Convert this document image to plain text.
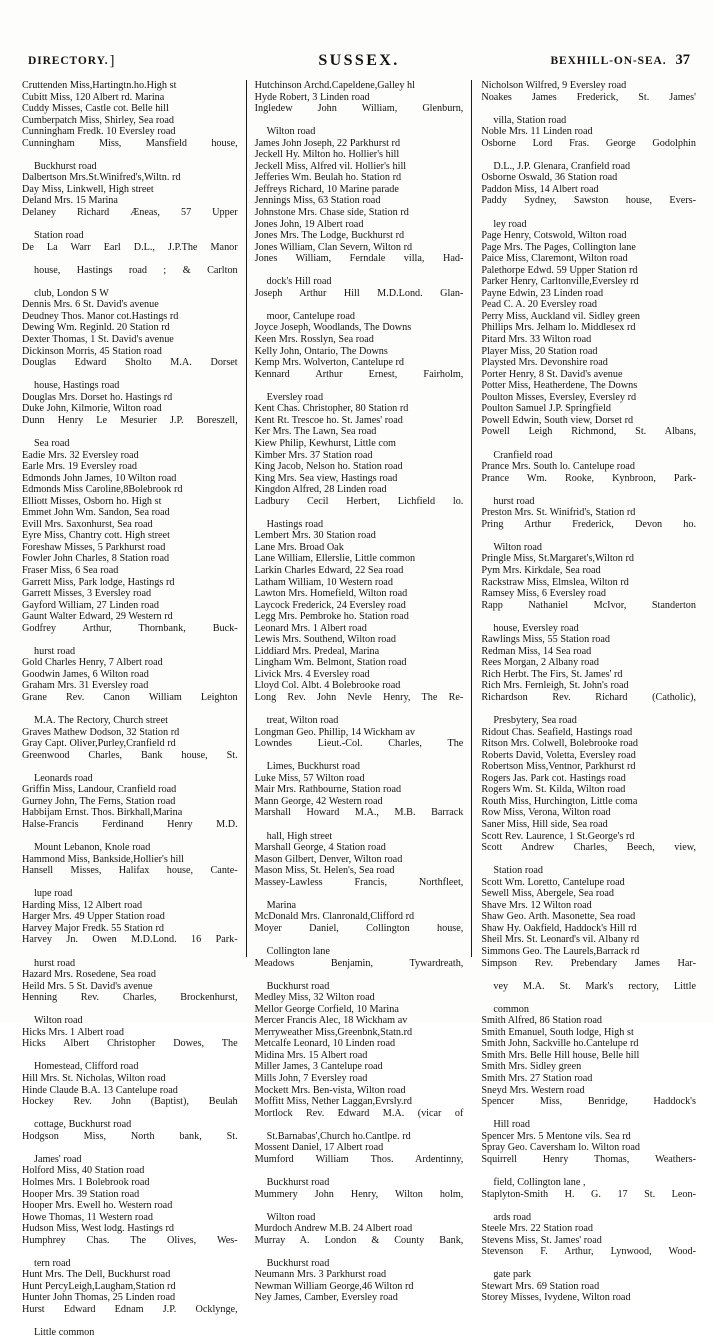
DIRECTORY.]	SUSSEX.	BEXHILL-ON-SEA. 37

Cruttenden Miss,Hartingtn.ho.High st

Cubitt Miss, 120 Albert rd. Marina

Cuddy Misses, Castle cot. Belle hill

Cumberpatch Miss, Shirley, Sea road

Cunningham Fredk. 10 Eversley road

Cunningham Miss, Mansfield house,
Buckhurst road

Dalbertson Mrs.St.Winifred's,Wiltn. rd

Day Miss, Linkwell, High street

Deland Mrs. 15 Marina

Delaney Richard Æneas, 57 Upper
Station road

De La Warr Earl D.L., J.P.The Manor
house, Hastings road ; & Carlton
club, London S W

Dennis Mrs. 6 St. David's avenue

Deudney Thos. Manor cot.Hastings rd

Dewing Wm. Reginld. 20 Station rd

Dexter Thomas, 1 St. David's avenue

Dickinson Morris, 45 Station road

Douglas Edward Sholto M.A. Dorset
house, Hastings road

Douglas Mrs. Dorset ho. Hastings rd

Duke John, Kilmorie, Wilton road

Dunn Henry Le Mesurier J.P. Boreszell,
Sea road

Eadie Mrs. 32 Eversley road

Earle Mrs. 19 Eversley road

Edmonds John James, 10 Wilton road

Edmonds Miss Caroline,8Bolebrook rd

Elliott Misses, Osborn ho. High st

Emmet John Wm. Sandon, Sea road

Evill Mrs. Saxonhurst, Sea road

Eyre Miss, Chantry cott. High street

Foreshaw Misses, 5 Parkhurst road

Fowler John Charles, 8 Station road

Fraser Miss, 6 Sea road

Garrett Miss, Park lodge, Hastings rd

Garrett Misses, 3 Eversley road

Gayford William, 27 Linden road

Gaunt Walter Edward, 29 Western rd

Godfrey Arthur, Thornbank, Buck-
hurst road

Gold Charles Henry, 7 Albert road

Goodwin James, 6 Wilton road

Graham Mrs. 31 Eversley road

Grane Rev. Canon William Leighton
M.A. The Rectory, Church street

Graves Mathew Dodson, 32 Station rd

Gray Capt. Oliver,Purley,Cranfield rd

Greenwood Charles, Bank house, St.
Leonards road

Griffin Miss, Landour, Cranfield road

Gurney John, The Ferns, Station road

Habbijam Ernst. Thos. Birkhall,Marina

Halse-Francis Ferdinand Henry M.D.
Mount Lebanon, Knole road

Hammond Miss, Bankside,Hollier's hill

Hansell Misses, Halifax house, Cante-
lupe road

Harding Miss, 12 Albert road

Harger Mrs. 49 Upper Station road

Harvey Major Fredk. 55 Station rd

Harvey Jn. Owen M.D.Lond. 16 Park-
hurst road

Hazard Mrs. Rosedene, Sea road

Heild Mrs. 5 St. David's avenue

Henning Rev. Charles, Brockenhurst,
Wilton road

Hicks Mrs. 1 Albert road

Hicks Albert Christopher Dowes, The
Homestead, Clifford road

Hill Mrs. St. Nicholas, Wilton road

Hinde Claude B.A. 13 Cantelupe road

Hockey Rev. John (Baptist), Beulah
cottage, Buckhurst road

Hodgson Miss, North bank, St.
James' road

Holford Miss, 40 Station road

Holmes Mrs. 1 Bolebrook road

Hooper Mrs. 39 Station road

Hooper Mrs. Ewell ho. Western road

Howe Thomas, 11 Western road

Hudson Miss, West lodg. Hastings rd

Humphrey Chas. The Olives, Wes-
tern road

Hunt Mrs. The Dell, Buckhurst road

Hunt PercyLeigh,Laugham,Station rd

Hunter John Thomas, 25 Linden road

Hurst Edward Ednam J.P. Ocklynge,
Little common

Hutchinson Archd.Capeldene,Galley hl

Hyde Robert, 3 Linden road

Ingledew John William, Glenburn,
Wilton road

James John Joseph, 22 Parkhurst rd

Jeckell Hy. Milton ho. Hollier's hill

Jeckell Miss, Alfred vil. Hollier's hill

Jefferies Wm. Beulah ho. Station rd

Jeffreys Richard, 10 Marine parade

Jennings Miss, 63 Station road

Johnstone Mrs. Chase side, Station rd

Jones John, 19 Albert road

Jones Mrs. The Lodge, Buckhurst rd

Jones William, Clan Severn, Wilton rd

Jones William, Ferndale villa, Had-
dock's Hill road

Joseph Arthur Hill M.D.Lond. Glan-
moor, Cantelupe road

Joyce Joseph, Woodlands, The Downs

Keen Mrs. Rosslyn, Sea road

Kelly John, Ontario, The Downs

Kemp Mrs. Wolverton, Cantelupe rd

Kennard Arthur Ernest, Fairholm,
Eversley road

Kent Chas. Christopher, 80 Station rd

Kent Rt. Trescoe ho. St. James' road

Ker Mrs. The Lawn, Sea road

Kiew Philip, Kewhurst, Little com

Kimber Mrs. 37 Station road

King Jacob, Nelson ho. Station road

King Mrs. Sea view, Hastings road

Kingdon Alfred, 28 Linden road

Ladbury Cecil Herbert, Lichfield lo.
Hastings road

Lembert Mrs. 30 Station road

Lane Mrs. Broad Oak

Lane William, Ellerslie, Little common

Larkin Charles Edward, 22 Sea road

Latham William, 10 Western road

Lawton Mrs. Homefield, Wilton road

Laycock Frederick, 24 Eversley road

Legg Mrs. Pembroke ho. Station road

Leonard Mrs. 1 Albert road

Lewis Mrs. Southend, Wilton road

Liddiard Mrs. Predeal, Marina

Lingham Wm. Belmont, Station road

Livick Mrs. 4 Eversley road

Lloyd Col. Albt. 4 Bolebrooke road

Long Rev. John Nevle Henry, The Re-
treat, Wilton road

Longman Geo. Phillip, 14 Wickham av

Lowndes Lieut.-Col. Charles, The
Limes, Buckhurst road

Luke Miss, 57 Wilton road

Mair Mrs. Rathbourne, Station road

Mann George, 42 Western road

Marshall Howard M.A., M.B. Barrack
hall, High street

Marshall George, 4 Station road

Mason Gilbert, Denver, Wilton road

Mason Miss, St. Helen's, Sea road

Massey-Lawless Francis, Northfleet,
Marina

McDonald Mrs. Clanronald,Clifford rd

Moyer Daniel, Collington house,
Collington lane

Meadows Benjamin, Tywardreath,
Buckhurst road

Medley Miss, 32 Wilton road

Mellor George Corfield, 10 Marina

Mercer Francis Alec, 18 Wickham av

Merryweather Miss,Greenbnk,Statn.rd

Metcalfe Leonard, 10 Linden road

Midina Mrs. 15 Albert road

Miller James, 3 Cantelupe road

Mills John, 7 Eversley road

Mockett Mrs. Ben-vista, Wilton road

Moffitt Miss, Nether Laggan,Evrsly.rd

Mortlock Rev. Edward M.A. (vicar of
St.Barnabas',Church ho.Cantlpe. rd

Mossent Daniel, 17 Albert road

Mumford William Thos. Ardentinny,
Buckhurst road

Mummery John Henry, Wilton holm,
Wilton road

Murdoch Andrew M.B. 24 Albert road

Murray A. London & County Bank,
Buckhurst road

Neumann Mrs. 3 Parkhurst road

Newman William George,46 Wilton rd

Ney James, Camber, Eversley road

Nicholson Wilfred, 9 Eversley road

Noakes James Frederick, St. James'
villa, Station road

Noble Mrs. 11 Linden road

Osborne Lord Fras. George Godolphin
D.L., J.P. Glenara, Cranfield road

Osborne Oswald, 36 Station road

Paddon Miss, 14 Albert road

Paddy Sydney, Sawston house, Evers-
ley road

Page Henry, Cotswold, Wilton road

Page Mrs. The Pages, Collington lane

Paice Miss, Claremont, Wilton road

Palethorpe Edwd. 59 Upper Station rd

Parker Henry, Carltonville,Eversley rd

Payne Edwin, 23 Linden road

Pead C. A. 20 Eversley road

Perry Miss, Auckland vil. Sidley green

Phillips Mrs. Jelham lo. Middlesex rd

Pitard Mrs. 33 Wilton road

Player Miss, 20 Station road

Playsted Mrs. Devonshire road

Porter Henry, 8 St. David's avenue

Potter Miss, Heatherdene, The Downs

Poulton Misses, Eversley, Eversley rd

Poulton Samuel J.P. Springfield

Powell Edwin, South view, Dorset rd

Powell Leigh Richmond, St. Albans,
Cranfield road

Prance Mrs. South lo. Cantelupe road

Prance Wm. Rooke, Kynbroon, Park-
hurst road

Preston Mrs. St. Winifrid's, Station rd

Pring Arthur Frederick, Devon ho.
Wilton road

Pringle Miss, St.Margaret's,Wilton rd

Pym Mrs. Kirkdale, Sea road

Rackstraw Miss, Elmslea, Wilton rd

Ramsey Miss, 6 Eversley road

Rapp Nathaniel McIvor, Standerton
house, Eversley road

Rawlings Miss, 55 Station road

Redman Miss, 14 Sea road

Rees Morgan, 2 Albany road

Rich Herbt. The Firs, St. James' rd

Rich Mrs. Fernleigh, St. John's road

Richardson Rev. Richard (Catholic),
Presbytery, Sea road

Ridout Chas. Seafield, Hastings road

Ritson Mrs. Colwell, Bolebrooke road

Roberts David, Voletta, Eversley road

Robertson Miss,Ventnor, Parkhurst rd

Rogers Jas. Park cot. Hastings road

Rogers Wm. St. Kilda, Wilton road

Routh Miss, Hurchington, Little coma

Row Miss, Verona, Wilton road

Saner Miss, Hill side, Sea road

Scott Rev. Laurence, 1 St.George's rd

Scott Andrew Charles, Beech, view,
Station road

Scott Wm. Loretto, Cantelupe road

Sewell Miss, Abergele, Sea road

Shave Mrs. 12 Wilton road

Shaw Geo. Arth. Masonette, Sea road

Shaw Hy. Oakfield, Haddock's Hill rd

Sheil Mrs. St. Leonard's vil. Albany rd

Simmons Geo. The Laurels,Barrack rd

Simpson Rev. Prebendary James Har-
vey M.A. St. Mark's rectory, Little
common

Smith Alfred, 86 Station road

Smith Emanuel, South lodge, High st

Smith John, Sackville ho.Cantelupe rd

Smith Mrs. Belle Hill house, Belle hill

Smith Mrs. Sidley green

Smith Mrs. 27 Station road

Sneyd Mrs. Western road

Spencer Miss, Benridge, Haddock's
Hill road

Spencer Mrs. 5 Mentone vils. Sea rd

Spray Geo. Caversham lo. Wilton road

Squirrell Henry Thomas, Weathers-
field, Collington lane ,

Staplyton-Smith H. G. 17 St. Leon-
ards road

Steele Mrs. 22 Station road

Stevens Miss, St. James' road

Stevenson F. Arthur, Lynwood, Wood-
gate park

Stewart Mrs. 69 Station road

Storey Misses, Ivydene, Wilton road
